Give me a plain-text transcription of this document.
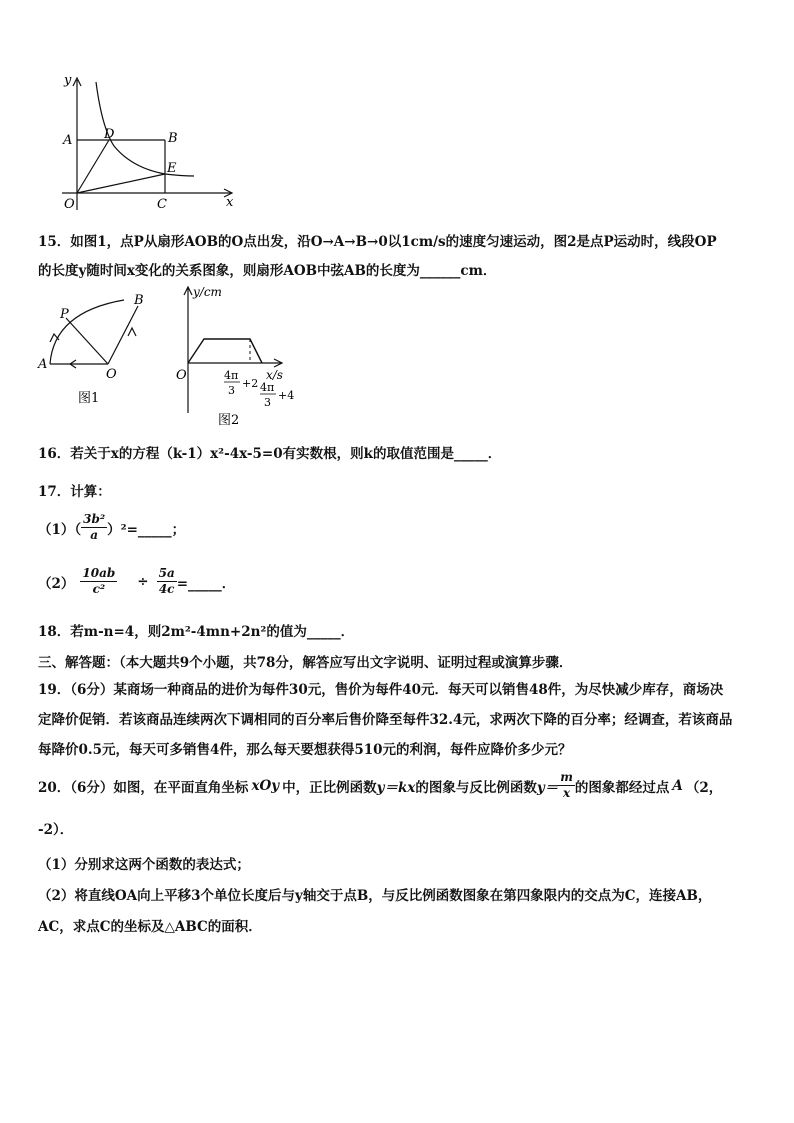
y
x
O
A	B
C
D
E
15．如图1，点P从扇形AOB的O点出发，沿O→A→B→0以1cm/s的速度匀速运动，图2是点P运动时，线段OP
的长度y随时间x变化的关系图象，则扇形AOB中弦AB的长度为______cm．
P
B
A
O
图1
y/cm
x/s
O	4π
3
+2 4π
3
+4
图2
16．若关于x的方程（k-1）x²-4x-5=0有实数根，则k的取值范围是_____．
17．计算：
$(1)( \frac{\text{3b²}}{a}$ ）²=_____；
$(2) \frac{10ab}{\text{c²}} \div \frac{5a}{4c}$ =_____．
18．若m-n=4，则2m²-4mn+2n²的值为_____．
三、解答题：（本大题共9个小题，共78分，解答应写出文字说明、证明过程或演算步骤．
19．（6分）某商场一种商品的进价为每件30元，售价为每件40元．每天可以销售48件，为尽快减少库存，商场决
定降价促销．若该商品连续两次下调相同的百分率后售价降至每件32.4元，求两次下降的百分率；经调查，若该商品
每降价0.5元，每天可多销售4件，那么每天要想获得510元的利润，每件应降价多少元？
20．（6分）如图，在平面直角坐标 xOy 中，正比例函数 y＝kx 的图象与反比例函数 $y= \frac{m}{x}$ 的图象都经过点 A （2，
-2）．
（1）分别求这两个函数的表达式；
（2）将直线OA向上平移3个单位长度后与y轴交于点B，与反比例函数图象在第四象限内的交点为C，连接AB，
AC，求点C的坐标及△ABC的面积．
